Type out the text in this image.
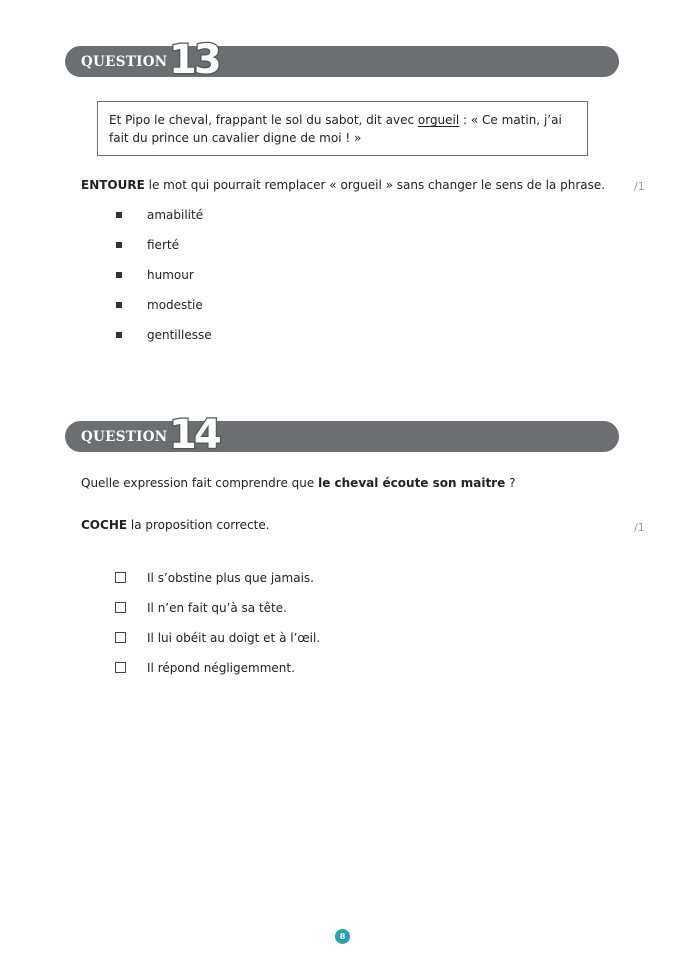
QUESTION 13
Et Pipo le cheval, frappant le sol du sabot, dit avec orgueil : « Ce matin, j’ai fait du prince un cavalier digne de moi ! »
ENTOURE le mot qui pourrait remplacer « orgueil » sans changer le sens de la phrase.	/1
amabilité
fierté
humour
modestie
gentillesse
QUESTION 14
Quelle expression fait comprendre que le cheval écoute son maitre ?
COCHE la proposition correcte.	/1
Il s’obstine plus que jamais.
Il n’en fait qu’à sa tête.
Il lui obéit au doigt et à l’œil.
Il répond négligemment.
8
